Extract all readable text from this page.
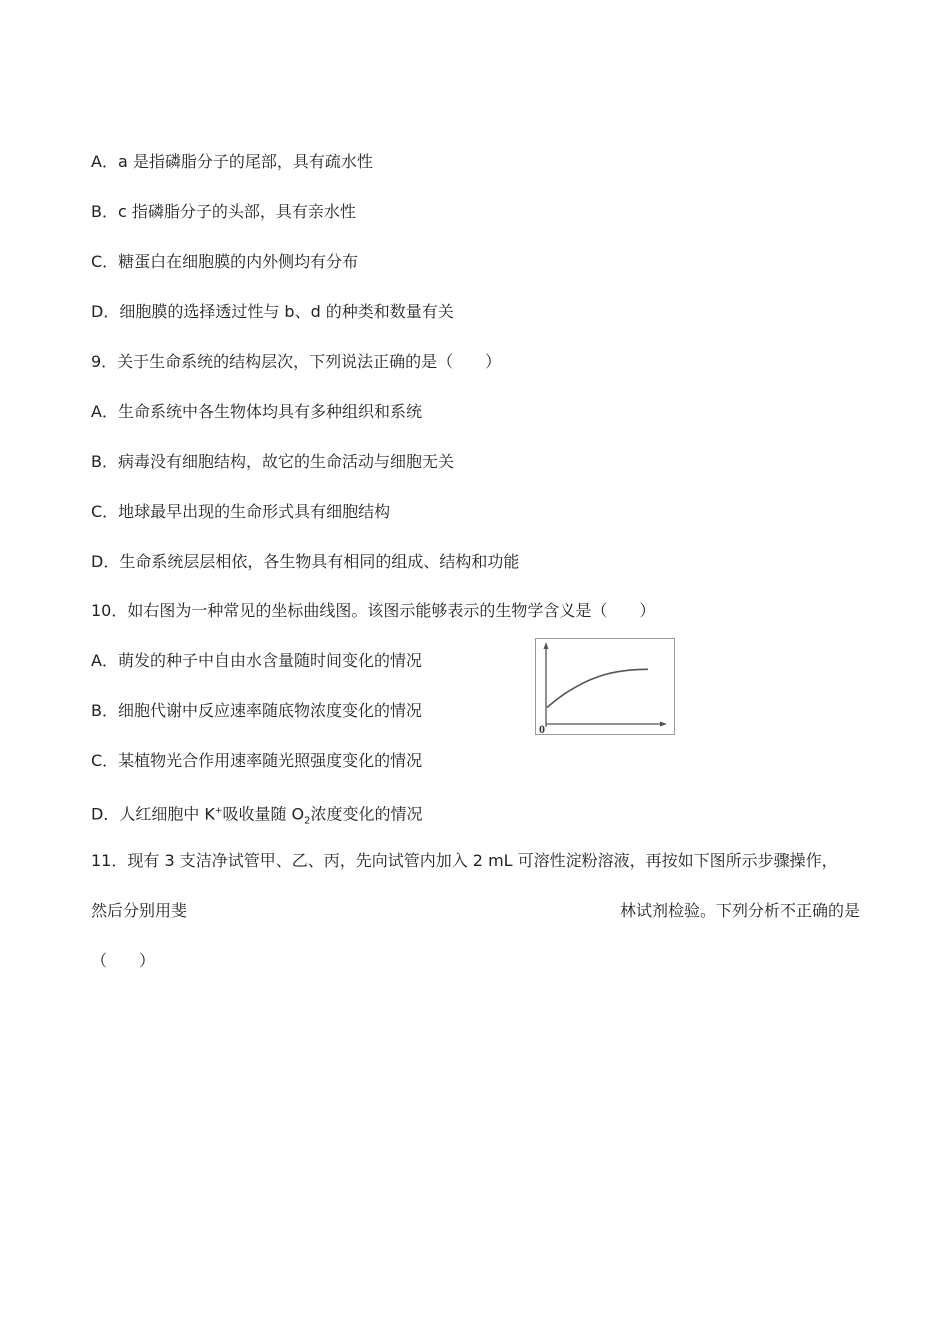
A．a 是指磷脂分子的尾部，具有疏水性
B．c 指磷脂分子的头部，具有亲水性
C．糖蛋白在细胞膜的内外侧均有分布
D．细胞膜的选择透过性与 b、d 的种类和数量有关
9．关于生命系统的结构层次，下列说法正确的是（　　）
A．生命系统中各生物体均具有多种组织和系统
B．病毒没有细胞结构，故它的生命活动与细胞无关
C．地球最早出现的生命形式具有细胞结构
D．生命系统层层相依，各生物具有相同的组成、结构和功能
10．如右图为一种常见的坐标曲线图。该图示能够表示的生物学含义是（　　）
A．萌发的种子中自由水含量随时间变化的情况
B．细胞代谢中反应速率随底物浓度变化的情况
C．某植物光合作用速率随光照强度变化的情况
D．人红细胞中 K+吸收量随 $O_2$浓度变化的情况
0
11．现有 3 支洁净试管甲、乙、丙，先向试管内加入 2 mL 可溶性淀粉溶液，再按如下图所示步骤操作，
然后分别用斐	林试剂检验。下列分析不正确的是
（　　）
